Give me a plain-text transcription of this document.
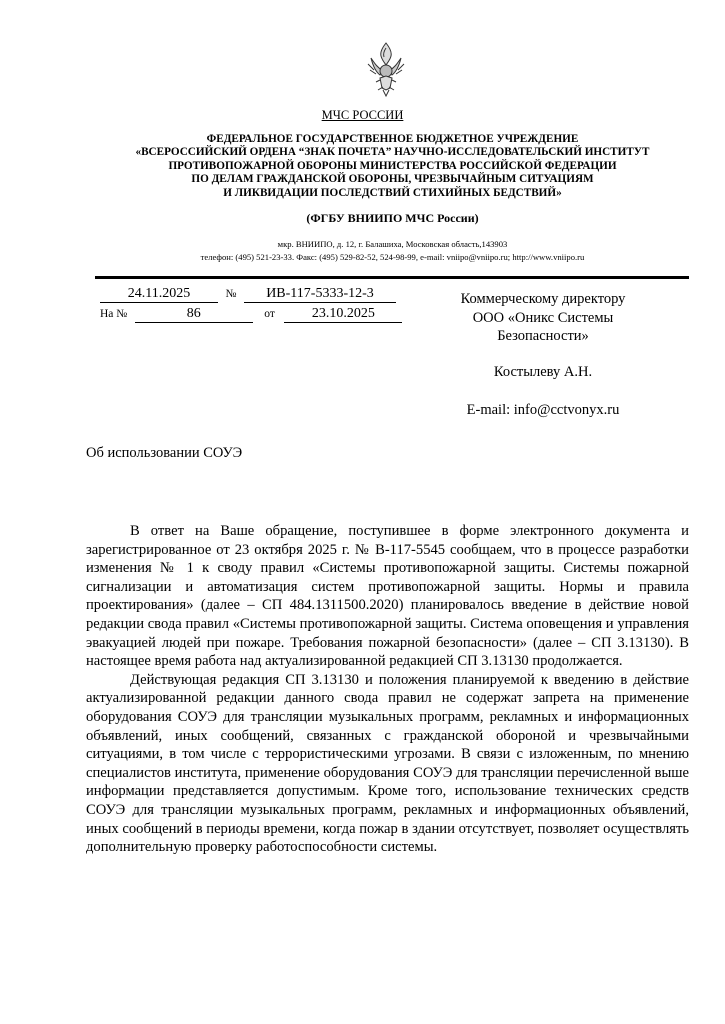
МЧС РОССИИ
ФЕДЕРАЛЬНОЕ ГОСУДАРСТВЕННОЕ БЮДЖЕТНОЕ УЧРЕЖДЕНИЕ
«ВСЕРОССИЙСКИЙ ОРДЕНА “ЗНАК ПОЧЕТА” НАУЧНО-ИССЛЕДОВАТЕЛЬСКИЙ ИНСТИТУТ
ПРОТИВОПОЖАРНОЙ ОБОРОНЫ МИНИСТЕРСТВА РОССИЙСКОЙ ФЕДЕРАЦИИ
ПО ДЕЛАМ ГРАЖДАНСКОЙ ОБОРОНЫ, ЧРЕЗВЫЧАЙНЫМ СИТУАЦИЯМ
И ЛИКВИДАЦИИ ПОСЛЕДСТВИЙ СТИХИЙНЫХ БЕДСТВИЙ»
(ФГБУ ВНИИПО МЧС России)
мкр. ВНИИПО, д. 12, г. Балашиха, Московская область,143903
телефон: (495) 521-23-33. Факс: (495) 529-82-52, 524-98-99, e-mail: vniipo@vniipo.ru; http://www.vniipo.ru
24.11.2025	№ ИВ-117-5333-12-3
На №	86	от	23.10.2025
Коммерческому директору
ООО «Оникс Системы
Безопасности»
Костылеву А.Н.
E-mail: info@cctvonyx.ru
Об использовании СОУЭ

В ответ на Ваше обращение, поступившее в форме электронного документа и зарегистрированное от 23 октября 2025 г. № В-117-5545 сообщаем, что в процессе разработки изменения № 1 к своду правил «Системы противопожарной защиты. Системы пожарной сигнализации и автоматизация систем противопожарной защиты. Нормы и правила проектирования» (далее – СП 484.1311500.2020) планировалось введение в действие новой редакции свода правил «Системы противопожарной защиты. Система оповещения и управления эвакуацией людей при пожаре. Требования пожарной безопасности» (далее – СП 3.13130). В настоящее время работа над актуализированной редакцией СП 3.13130 продолжается.

Действующая редакция СП 3.13130 и положения планируемой к введению в действие актуализированной редакции данного свода правил не содержат запрета на применение оборудования СОУЭ для трансляции музыкальных программ, рекламных и информационных объявлений, иных сообщений, связанных с гражданской обороной и чрезвычайными ситуациями, в том числе с террористическими угрозами. В связи с изложенным, по мнению специалистов института, применение оборудования СОУЭ для трансляции перечисленной выше информации представляется допустимым. Кроме того, использование технических средств СОУЭ для трансляции музыкальных программ, рекламных и информационных объявлений, иных сообщений в периоды времени, когда пожар в здании отсутствует, позволяет осуществлять дополнительную проверку работоспособности системы.
